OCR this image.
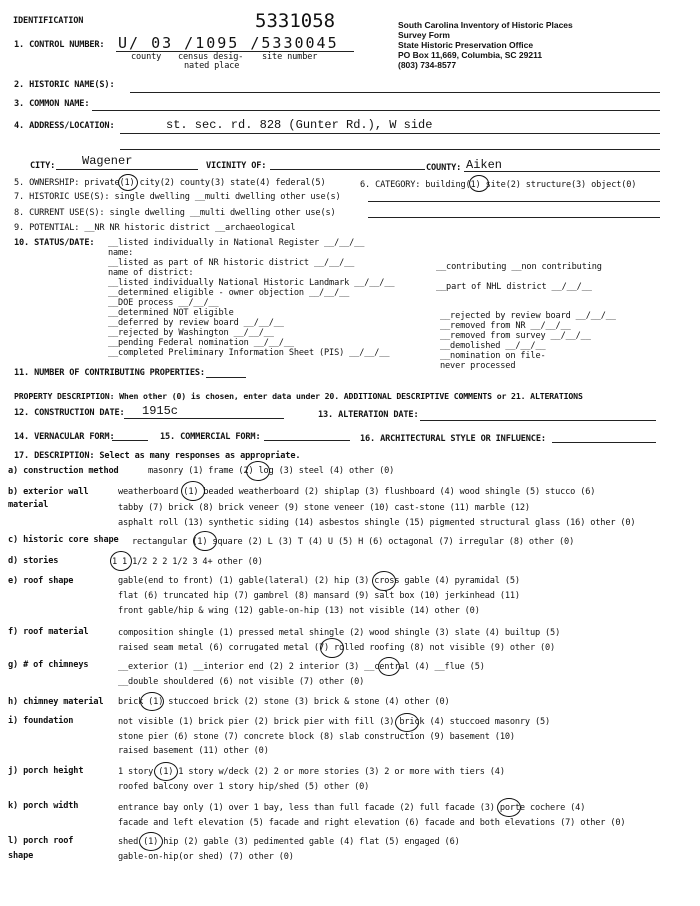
IDENTIFICATION	5331058	South Carolina Inventory of Historic Places
Survey Form
State Historic Preservation Office
PO Box 11,669, Columbia, SC 29211
(803) 734-8577
1. CONTROL NUMBER: U/ 03 /1095 /5330045
county census desig-
nated place
site number
2. HISTORIC NAME(S):
3. COMMON NAME:
4. ADDRESS/LOCATION:	st. sec. rd. 828 (Gunter Rd.), W side
CITY: Wagener	VICINITY OF:	COUNTY: Aiken
5. OWNERSHIP: private(1) city(2) county(3) state(4) federal(5)	6. CATEGORY: building(1) site(2) structure(3) object(0)
7. HISTORIC USE(S): single dwelling __multi dwelling other use(s)
8. CURRENT USE(S): single dwelling __multi dwelling other use(s)
9. POTENTIAL: __NR NR historic district __archaeological
10. STATUS/DATE: __listed individually in National Register __/__/__
name:
__listed as part of NR historic district __/__/__
name of district:
__listed individually National Historic Landmark __/__/__
__determined eligible - owner objection __/__/__
__DOE process __/__/__
__determined NOT eligible
__deferred by review board __/__/__
__rejected by Washington __/__/__
__pending Federal nomination __/__/__
__completed Preliminary Information Sheet (PIS) __/__/__
__contributing __non contributing
__part of NHL district __/__/__
__rejected by review board __/__/__
__removed from NR __/__/__
__removed from survey __/__/__
__demolished __/__/__
__nomination on file-
never processed
11. NUMBER OF CONTRIBUTING PROPERTIES:
PROPERTY DESCRIPTION: When other (0) is chosen, enter data under 20. ADDITIONAL DESCRIPTIVE COMMENTS or 21. ALTERATIONS
12. CONSTRUCTION DATE: 1915c	13. ALTERATION DATE:
14. VERNACULAR FORM:	15. COMMERCIAL FORM:	16. ARCHITECTURAL STYLE OR INFLUENCE:
17. DESCRIPTION: Select as many responses as appropriate.
a) construction method	masonry (1) frame (2) log (3) steel (4) other (0)
b) exterior wall
material
weatherboard (1) beaded weatherboard (2) shiplap (3) flushboard (4) wood shingle (5) stucco (6)
tabby (7) brick (8) brick veneer (9) stone veneer (10) cast-stone (11) marble (12)
asphalt roll (13) synthetic siding (14) asbestos shingle (15) pigmented structural glass (16) other (0)
c) historic core shape rectangular (1) square (2) L (3) T (4) U (5) H (6) octagonal (7) irregular (8) other (0)
d) stories	1 1 1/2 2 2 1/2 3 4+ other (0)
e) roof shape	gable(end to front) (1) gable(lateral) (2) hip (3) cross gable (4) pyramidal (5)
flat (6) truncated hip (7) gambrel (8) mansard (9) salt box (10) jerkinhead (11)
front gable/hip & wing (12) gable-on-hip (13) not visible (14) other (0)
f) roof material	composition shingle (1) pressed metal shingle (2) wood shingle (3) slate (4) builtup (5)
raised seam metal (6) corrugated metal (7) rolled roofing (8) not visible (9) other (0)
g) # of chimneys	__exterior (1) __interior end (2) 2 interior (3) __central (4) __flue (5)
__double shouldered (6) not visible (7) other (0)
h) chimney material brick (1) stuccoed brick (2) stone (3) brick & stone (4) other (0)
i) foundation	not visible (1) brick pier (2) brick pier with fill (3) brick (4) stuccoed masonry (5)
stone pier (6) stone (7) concrete block (8) slab construction (9) basement (10)
raised basement (11) other (0)
j) porch height	1 story (1) 1 story w/deck (2) 2 or more stories (3) 2 or more with tiers (4)
roofed balcony over 1 story hip/shed (5) other (0)
k) porch width	entrance bay only (1) over 1 bay, less than full facade (2) full facade (3) porte cochere (4)
facade and left elevation (5) facade and right elevation (6) facade and both elevations (7) other (0)
l) porch roof
shape
shed (1) hip (2) gable (3) pedimented gable (4) flat (5) engaged (6)
gable-on-hip(or shed) (7) other (0)
